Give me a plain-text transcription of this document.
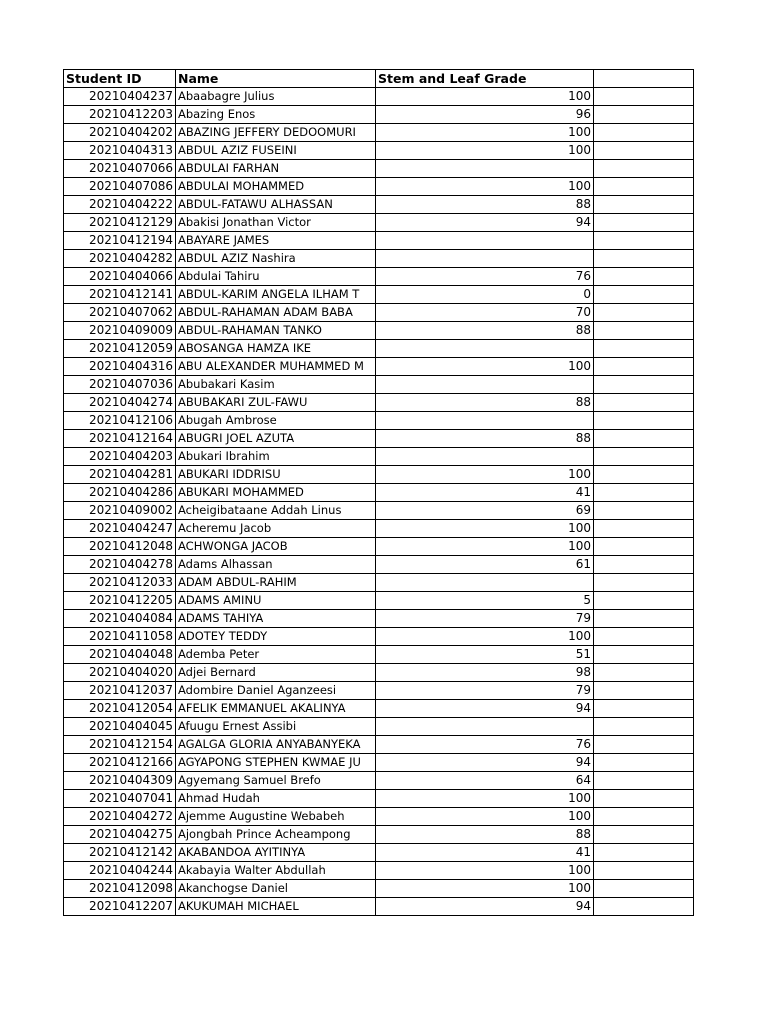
Student ID	Name	Stem and Leaf Grade	
20210404237	Abaabagre Julius	100	
20210412203	Abazing Enos	96	
20210404202	ABAZING JEFFERY DEDOOMURI	100	
20210404313	ABDUL AZIZ FUSEINI	100	
20210407066	ABDULAI FARHAN		
20210407086	ABDULAI MOHAMMED	100	
20210404222	ABDUL-FATAWU ALHASSAN	88	
20210412129	Abakisi Jonathan Victor	94	
20210412194	ABAYARE JAMES		
20210404282	ABDUL AZIZ Nashira		
20210404066	Abdulai Tahiru	76	
20210412141	ABDUL-KARIM ANGELA ILHAM T	0	
20210407062	ABDUL-RAHAMAN ADAM BABA	70	
20210409009	ABDUL-RAHAMAN TANKO	88	
20210412059	ABOSANGA HAMZA IKE		
20210404316	ABU ALEXANDER MUHAMMED M	100	
20210407036	Abubakari Kasim		
20210404274	ABUBAKARI ZUL-FAWU	88	
20210412106	Abugah Ambrose		
20210412164	ABUGRI JOEL AZUTA	88	
20210404203	Abukari Ibrahim		
20210404281	ABUKARI IDDRISU	100	
20210404286	ABUKARI MOHAMMED	41	
20210409002	Acheigibataane Addah Linus	69	
20210404247	Acheremu Jacob	100	
20210412048	ACHWONGA JACOB	100	
20210404278	Adams Alhassan	61	
20210412033	ADAM ABDUL-RAHIM		
20210412205	ADAMS AMINU	5	
20210404084	ADAMS TAHIYA	79	
20210411058	ADOTEY TEDDY	100	
20210404048	Ademba Peter	51	
20210404020	Adjei Bernard	98	
20210412037	Adombire Daniel Aganzeesi	79	
20210412054	AFELIK EMMANUEL AKALINYA	94	
20210404045	Afuugu Ernest Assibi		
20210412154	AGALGA GLORIA ANYABANYEKA	76	
20210412166	AGYAPONG STEPHEN KWMAE JU	94	
20210404309	Agyemang Samuel Brefo	64	
20210407041	Ahmad Hudah	100	
20210404272	Ajemme Augustine Webabeh	100	
20210404275	Ajongbah Prince Acheampong	88	
20210412142	AKABANDOA AYITINYA	41	
20210404244	Akabayia Walter Abdullah	100	
20210412098	Akanchogse Daniel	100	
20210412207	AKUKUMAH MICHAEL	94	
